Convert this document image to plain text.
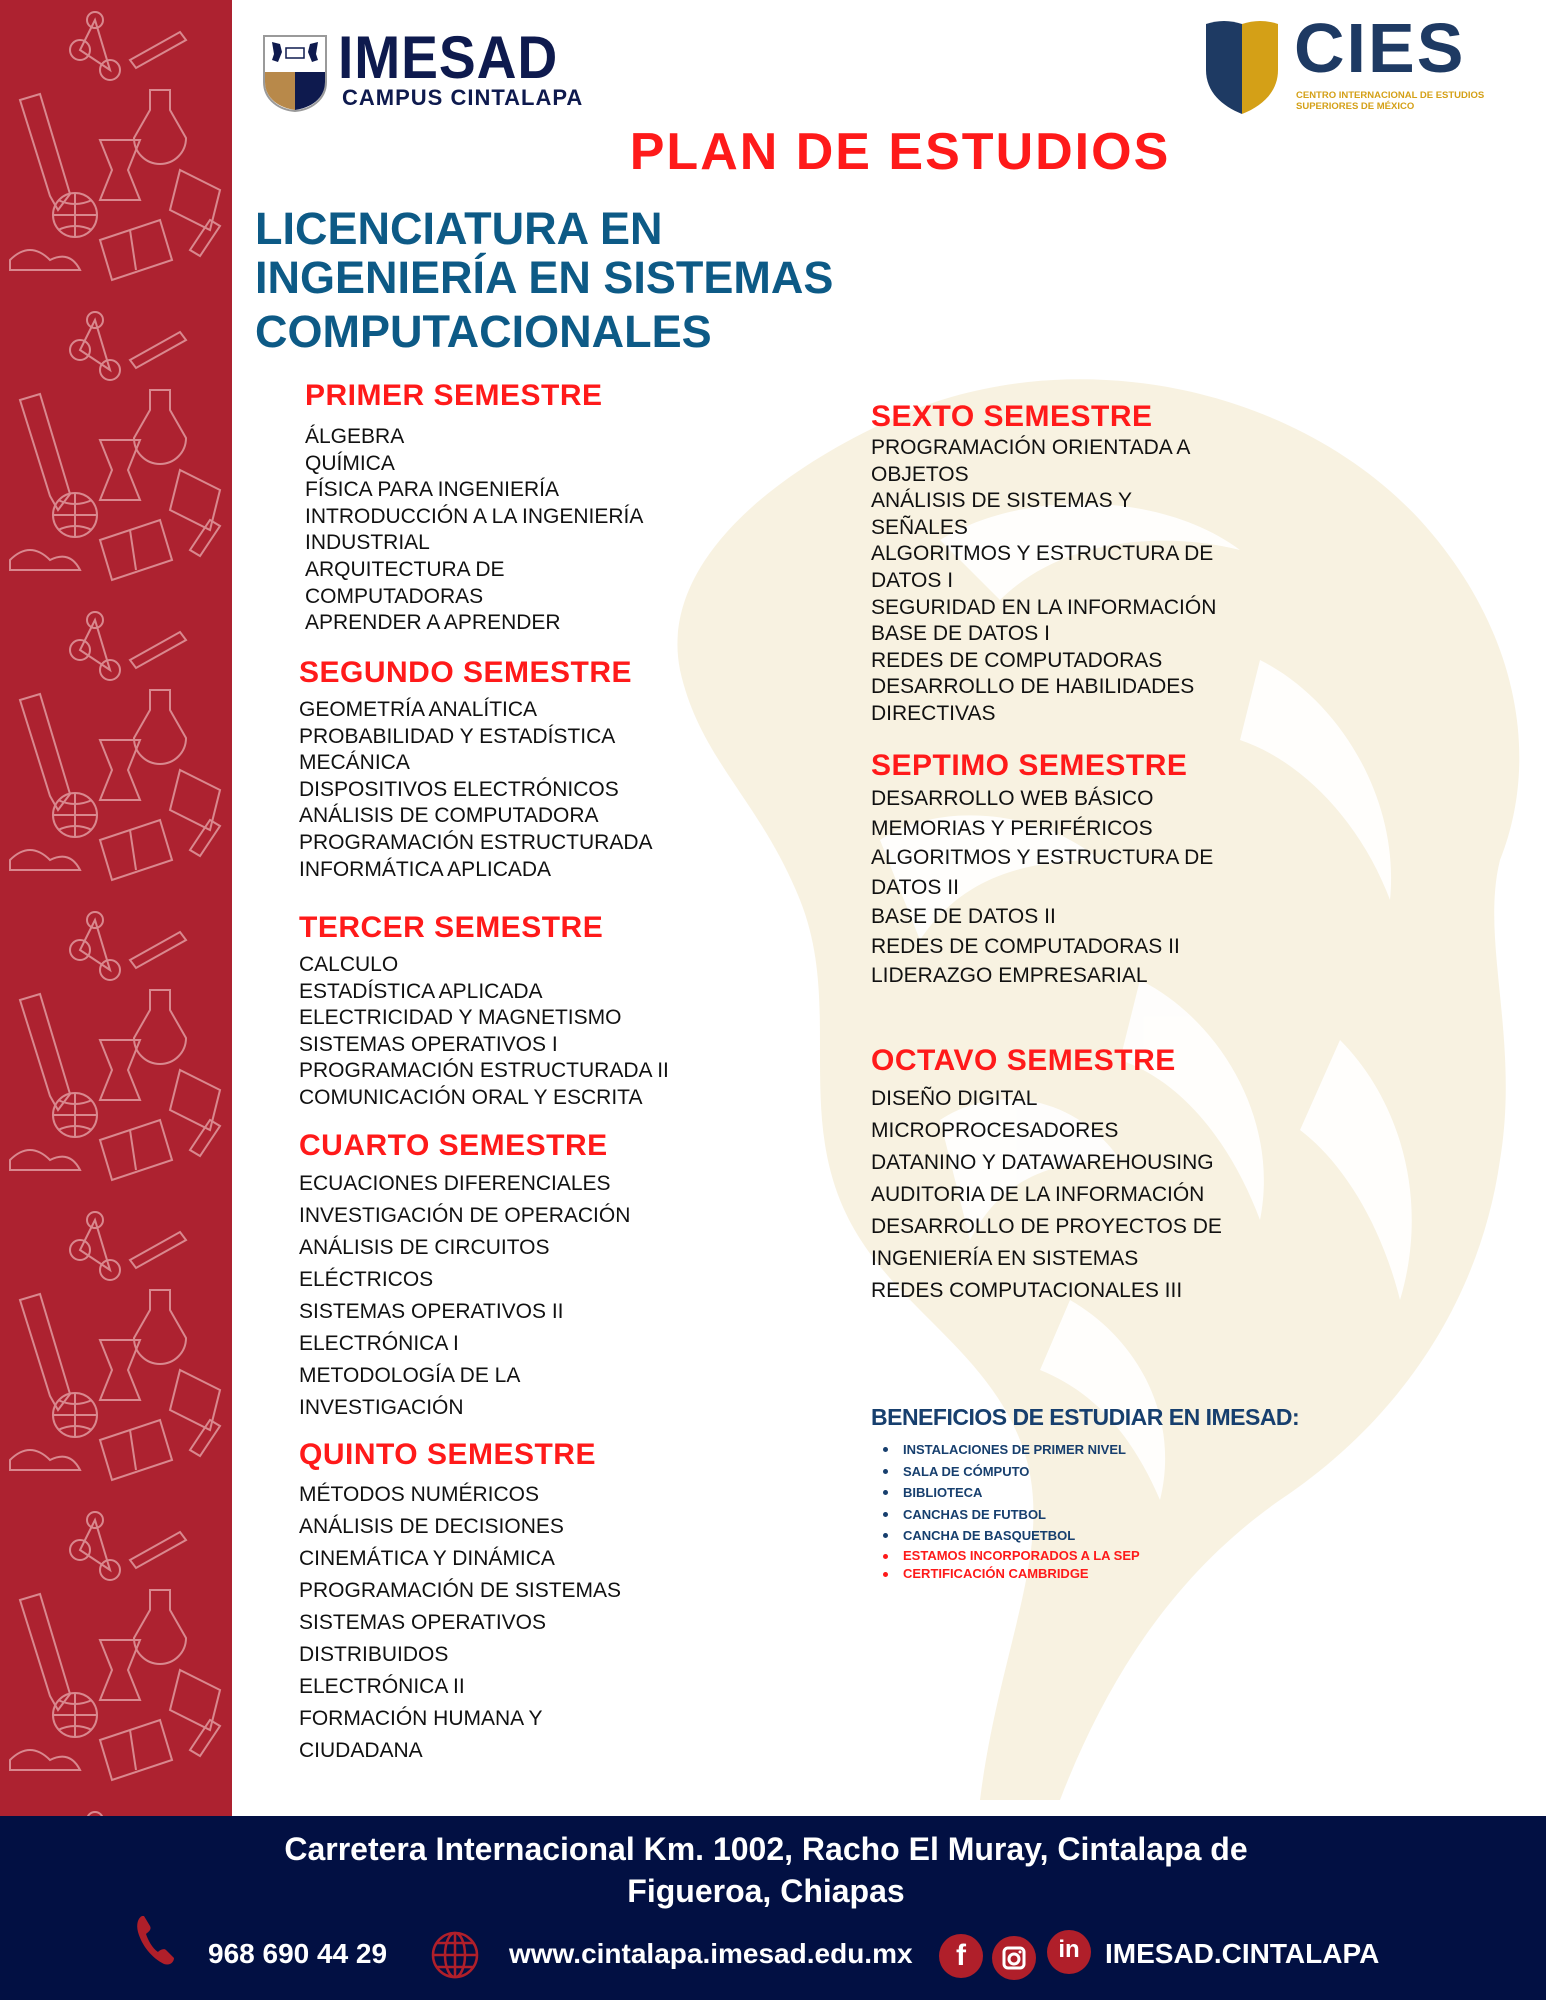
IMESAD
CAMPUS CINTALAPA
CIES
CENTRO INTERNACIONAL DE ESTUDIOS
SUPERIORES DE MÉXICO
PLAN DE ESTUDIOS
LICENCIATURA EN
INGENIERÍA EN SISTEMAS
COMPUTACIONALES
PRIMER SEMESTRE
ÁLGEBRA
QUÍMICA
FÍSICA PARA INGENIERÍA
INTRODUCCIÓN A LA INGENIERÍA
INDUSTRIAL
ARQUITECTURA DE
COMPUTADORAS
APRENDER A APRENDER
SEGUNDO SEMESTRE
GEOMETRÍA ANALÍTICA
PROBABILIDAD Y ESTADÍSTICA
MECÁNICA
DISPOSITIVOS ELECTRÓNICOS
ANÁLISIS DE COMPUTADORA
PROGRAMACIÓN ESTRUCTURADA
INFORMÁTICA APLICADA
TERCER SEMESTRE
CALCULO
ESTADÍSTICA APLICADA
ELECTRICIDAD Y MAGNETISMO
SISTEMAS OPERATIVOS I
PROGRAMACIÓN ESTRUCTURADA II
COMUNICACIÓN ORAL Y ESCRITA
CUARTO SEMESTRE
ECUACIONES DIFERENCIALES
INVESTIGACIÓN DE OPERACIÓN
ANÁLISIS DE CIRCUITOS
ELÉCTRICOS
SISTEMAS OPERATIVOS II
ELECTRÓNICA I
METODOLOGÍA DE LA
INVESTIGACIÓN
QUINTO SEMESTRE
MÉTODOS NUMÉRICOS
ANÁLISIS DE DECISIONES
CINEMÁTICA Y DINÁMICA
PROGRAMACIÓN DE SISTEMAS
SISTEMAS OPERATIVOS
DISTRIBUIDOS
ELECTRÓNICA II
FORMACIÓN HUMANA Y
CIUDADANA
SEXTO SEMESTRE
PROGRAMACIÓN ORIENTADA A
OBJETOS
ANÁLISIS DE SISTEMAS Y
SEÑALES
ALGORITMOS Y ESTRUCTURA DE
DATOS I
SEGURIDAD EN LA INFORMACIÓN
BASE DE DATOS I
REDES DE COMPUTADORAS
DESARROLLO DE HABILIDADES
DIRECTIVAS
SEPTIMO SEMESTRE
DESARROLLO WEB BÁSICO
MEMORIAS Y PERIFÉRICOS
ALGORITMOS Y ESTRUCTURA DE
DATOS II
BASE DE DATOS II
REDES DE COMPUTADORAS II
LIDERAZGO EMPRESARIAL
OCTAVO SEMESTRE
DISEÑO DIGITAL
MICROPROCESADORES
DATANINO Y DATAWAREHOUSING
AUDITORIA DE LA INFORMACIÓN
DESARROLLO DE PROYECTOS DE
INGENIERÍA EN SISTEMAS
REDES COMPUTACIONALES III
BENEFICIOS DE ESTUDIAR EN IMESAD:
INSTALACIONES DE PRIMER NIVEL
SALA DE CÓMPUTO
BIBLIOTECA
CANCHAS DE FUTBOL
CANCHA DE BASQUETBOL
ESTAMOS INCORPORADOS A LA SEP
CERTIFICACIÓN CAMBRIDGE
Carretera Internacional Km. 1002, Racho El Muray, Cintalapa de
Figueroa, Chiapas
968 690 44 29	www.cintalapa.imesad.edu.mx	f	in IMESAD.CINTALAPA
